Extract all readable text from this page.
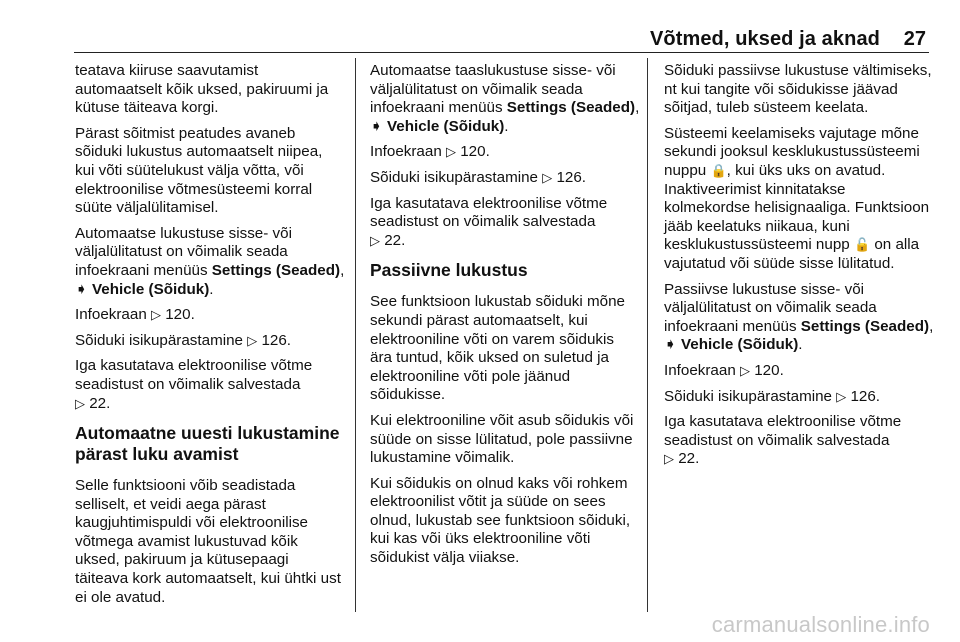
Võtmed, uksed ja aknad 27

teatava kiiruse saavutamist automaatselt kõik uksed, pakiruumi ja kütuse täiteava korgi.

Pärast sõitmist peatudes avaneb sõiduki lukustus automaatselt niipea, kui võti süütelukust välja võtta, või elektroonilise võtmesüsteemi korral süüte väljalülitamisel.

Automaatse lukustuse sisse- või väljalülitatust on võimalik seada infoekraani menüüs Settings (Seaded), ➧ Vehicle (Sõiduk).

Infoekraan ▷ 120.

Sõiduki isikupärastamine ▷ 126.

Iga kasutatava elektroonilise võtme seadistust on võimalik salvestada
▷ 22.

Automaatne uuesti lukustamine pärast luku avamist

Selle funktsiooni võib seadistada selliselt, et veidi aega pärast kaugjuhtimispuldi või elektroonilise võtmega avamist lukustuvad kõik uksed, pakiruum ja kütusepaagi täiteava kork automaatselt, kui ühtki ust ei ole avatud.

Automaatse taaslukustuse sisse- või väljalülitatust on võimalik seada infoekraani menüüs Settings (Seaded), ➧ Vehicle (Sõiduk).

Infoekraan ▷ 120.

Sõiduki isikupärastamine ▷ 126.

Iga kasutatava elektroonilise võtme seadistust on võimalik salvestada
▷ 22.

Passiivne lukustus

See funktsioon lukustab sõiduki mõne sekundi pärast automaatselt, kui elektrooniline võti on varem sõidukis ära tuntud, kõik uksed on suletud ja elektrooniline võti pole jäänud sõidukisse.

Kui elektrooniline võit asub sõidukis või süüde on sisse lülitatud, pole passiivne lukustamine võimalik.

Kui sõidukis on olnud kaks või rohkem elektroonilist võtit ja süüde on sees olnud, lukustab see funktsioon sõiduki, kui kas või üks elektrooniline võti sõidukist välja viiakse.

Sõiduki passiivse lukustuse vältimiseks, nt kui tangite või sõidukisse jäävad sõitjad, tuleb süsteem keelata.

Süsteemi keelamiseks vajutage mõne sekundi jooksul kesklukustussüsteemi nuppu 🔒, kui üks uks on avatud. Inaktiveerimist kinnitatakse kolmekordse helisignaaliga. Funktsioon jääb keelatuks niikaua, kuni kesklukustussüsteemi nupp 🔓 on alla vajutatud või süüde sisse lülitatud.

Passiivse lukustuse sisse- või väljalülitatust on võimalik seada infoekraani menüüs Settings (Seaded), ➧ Vehicle (Sõiduk).

Infoekraan ▷ 120.

Sõiduki isikupärastamine ▷ 126.

Iga kasutatava elektroonilise võtme seadistust on võimalik salvestada
▷ 22.

carmanualsonline.info
